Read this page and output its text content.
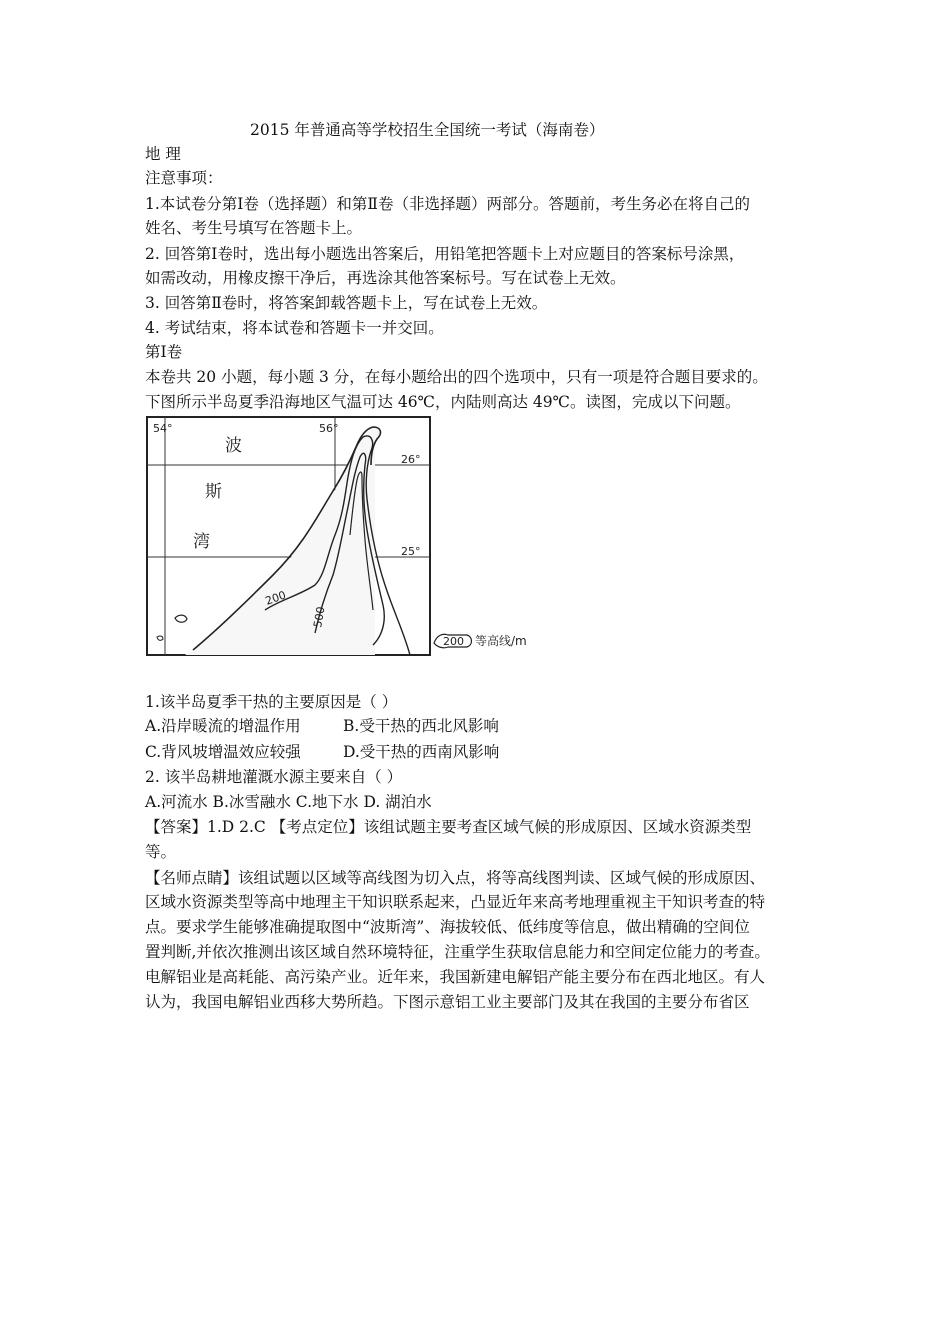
2015 年普通高等学校招生全国统一考试（海南卷）
地 理
注意事项：
1.本试卷分第Ⅰ卷（选择题）和第Ⅱ卷（非选择题）两部分。答题前，考生务必在将自己的
姓名、考生号填写在答题卡上。
2. 回答第Ⅰ卷时，选出每小题选出答案后，用铅笔把答题卡上对应题目的答案标号涂黑，
如需改动，用橡皮擦干净后，再选涂其他答案标号。写在试卷上无效。
3. 回答第Ⅱ卷时，将答案卸载答题卡上，写在试卷上无效。
4. 考试结束，将本试卷和答题卡一并交回。
第Ⅰ卷
本卷共 20 小题，每小题 3 分，在每小题给出的四个选项中，只有一项是符合题目要求的。
下图所示半岛夏季沿海地区气温可达 46℃，内陆则高达 49℃。读图，完成以下问题。
54°	56°
26°
25°
波
斯
湾
200
500
200 等高线/m
1.该半岛夏季干热的主要原因是（ ）
A.沿岸暖流的增温作用	B.受干热的西北风影响
C.背风坡增温效应较强	D.受干热的西南风影响
2. 该半岛耕地灌溉水源主要来自（ ）
A.河流水 B.冰雪融水 C.地下水 D. 湖泊水
【答案】1.D 2.C 【考点定位】该组试题主要考查区域气候的形成原因、区域水资源类型
等。
【名师点睛】该组试题以区域等高线图为切入点，将等高线图判读、区域气候的形成原因、
区域水资源类型等高中地理主干知识联系起来，凸显近年来高考地理重视主干知识考查的特
点。要求学生能够准确提取图中“波斯湾”、海拔较低、低纬度等信息，做出精确的空间位
置判断,并依次推测出该区域自然环境特征，注重学生获取信息能力和空间定位能力的考查。
电解铝业是高耗能、高污染产业。近年来，我国新建电解铝产能主要分布在西北地区。有人
认为，我国电解铝业西移大势所趋。下图示意铝工业主要部门及其在我国的主要分布省区
